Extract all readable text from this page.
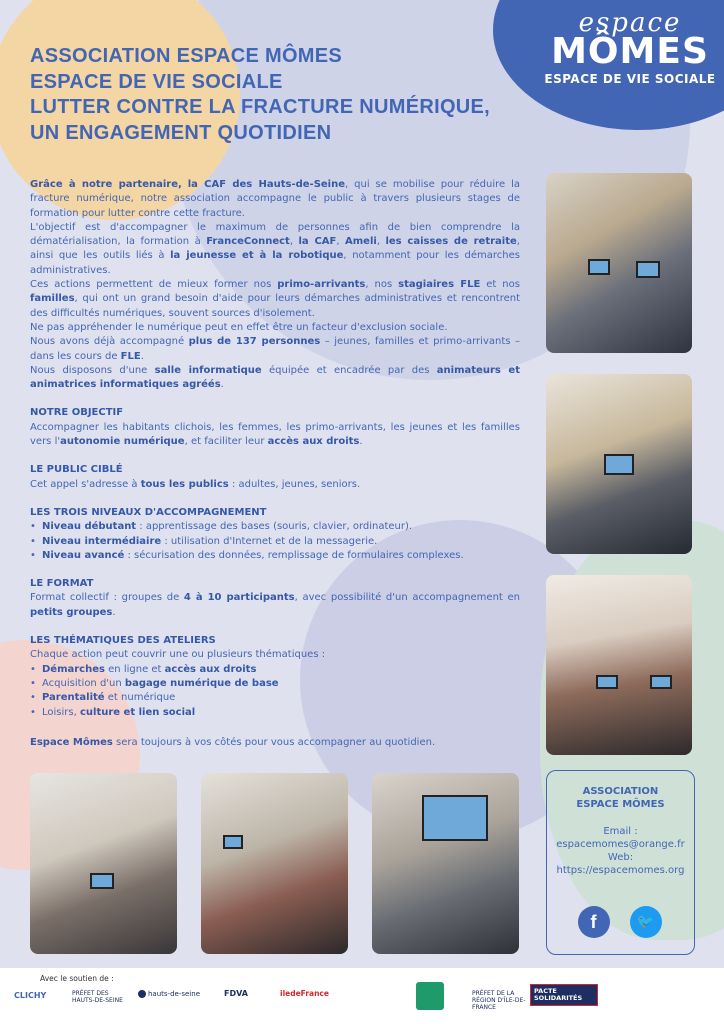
espace
MÔMES
ESPACE DE VIE SOCIALE
ASSOCIATION ESPACE MÔMES
ESPACE DE VIE SOCIALE
LUTTER CONTRE LA FRACTURE NUMÉRIQUE,
UN ENGAGEMENT QUOTIDIEN

Grâce à notre partenaire, la CAF des Hauts-de-Seine, qui se mobilise pour réduire la fracture numérique, notre association accompagne le public à travers plusieurs stages de formation pour lutter contre cette fracture.

L'objectif est d'accompagner le maximum de personnes afin de bien comprendre la dématérialisation, la formation à FranceConnect, la CAF, Ameli, les caisses de retraite, ainsi que les outils liés à la jeunesse et à la robotique, notamment pour les démarches administratives.

Ces actions permettent de mieux former nos primo-arrivants, nos stagiaires FLE et nos familles, qui ont un grand besoin d'aide pour leurs démarches administratives et rencontrent des difficultés numériques, souvent sources d'isolement.

Ne pas appréhender le numérique peut en effet être un facteur d'exclusion sociale.

Nous avons déjà accompagné plus de 137 personnes – jeunes, familles et primo-arrivants – dans les cours de FLE.

Nous disposons d'une salle informatique équipée et encadrée par des animateurs et animatrices informatiques agréés.

NOTRE OBJECTIF

Accompagner les habitants clichois, les femmes, les primo-arrivants, les jeunes et les familles vers l'autonomie numérique, et faciliter leur accès aux droits.

LE PUBLIC CIBLÉ

Cet appel s'adresse à tous les publics : adultes, jeunes, seniors.

LES TROIS NIVEAUX D'ACCOMPAGNEMENT
• Niveau débutant : apprentissage des bases (souris, clavier, ordinateur).
• Niveau intermédiaire : utilisation d'Internet et de la messagerie.
• Niveau avancé : sécurisation des données, remplissage de formulaires complexes.
LE FORMAT

Format collectif : groupes de 4 à 10 participants, avec possibilité d'un accompagnement en petits groupes.

LES THÉMATIQUES DES ATELIERS

Chaque action peut couvrir une ou plusieurs thématiques :

• Démarches en ligne et accès aux droits
• Acquisition d'un bagage numérique de base
• Parentalité et numérique
• Loisirs, culture et lien social

Espace Mômes sera toujours à vos côtés pour vous accompagner au quotidien.

ASSOCIATION
ESPACE MÔMES
Email :
espacemomes@orange.fr
Web:
https://espacemomes.org
f	🐦
Avec le soutien de :
CLICHY	PRÉFET DES HAUTS-DE-SEINE
hauts-de-seine	FDVA	iledeFrance	PRÉFET DE LA RÉGION D'ÎLE-DE-FRANCE
PACTE SOLIDARITÉS
